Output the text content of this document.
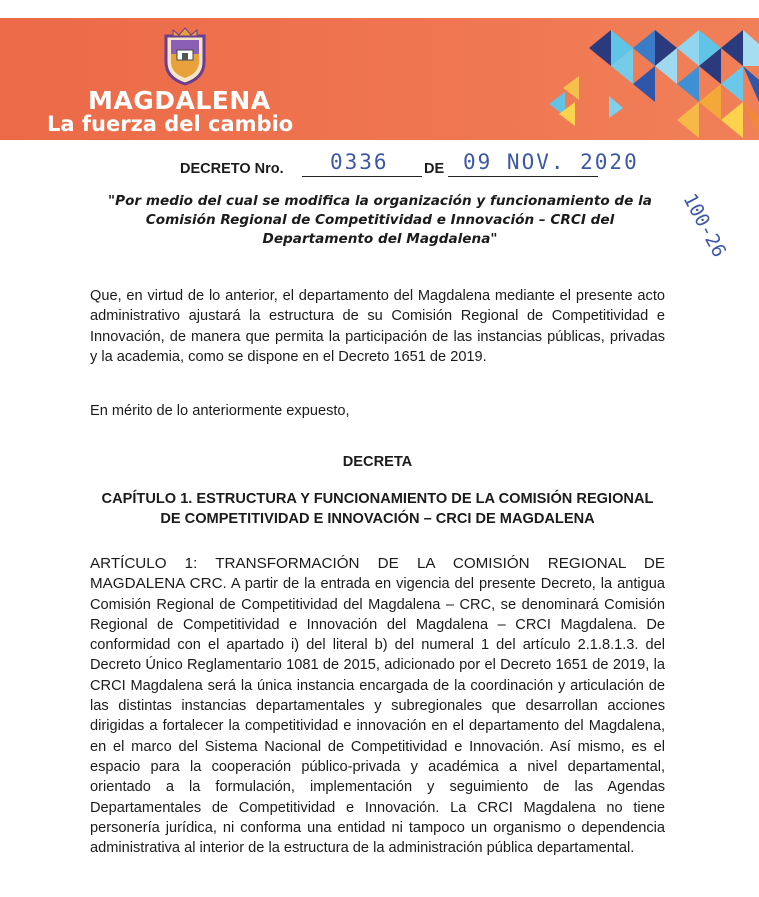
MAGDALENA
La fuerza del cambio
DECRETO Nro. 0336 DE 09 NOV. 2020
"Por medio del cual se modifica la organización y funcionamiento de la Comisión Regional de Competitividad e Innovación – CRCI del Departamento del Magdalena"	100-26

Que, en virtud de lo anterior, el departamento del Magdalena mediante el presente acto administrativo ajustará la estructura de su Comisión Regional de Competitividad e Innovación, de manera que permita la participación de las instancias públicas, privadas y la academia, como se dispone en el Decreto 1651 de 2019.

En mérito de lo anteriormente expuesto,

DECRETA

CAPÍTULO 1. ESTRUCTURA Y FUNCIONAMIENTO DE LA COMISIÓN REGIONAL DE COMPETITIVIDAD E INNOVACIÓN – CRCI DE MAGDALENA

ARTÍCULO 1: TRANSFORMACIÓN DE LA COMISIÓN REGIONAL DE MAGDALENA CRC. A partir de la entrada en vigencia del presente Decreto, la antigua Comisión Regional de Competitividad del Magdalena – CRC, se denominará Comisión Regional de Competitividad e Innovación del Magdalena – CRCI Magdalena. De conformidad con el apartado i) del literal b) del numeral 1 del artículo 2.1.8.1.3. del Decreto Único Reglamentario 1081 de 2015, adicionado por el Decreto 1651 de 2019, la CRCI Magdalena será la única instancia encargada de la coordinación y articulación de las distintas instancias departamentales y subregionales que desarrollan acciones dirigidas a fortalecer la competitividad e innovación en el departamento del Magdalena, en el marco del Sistema Nacional de Competitividad e Innovación. Así mismo, es el espacio para la cooperación público-privada y académica a nivel departamental, orientado a la formulación, implementación y seguimiento de las Agendas Departamentales de Competitividad e Innovación. La CRCI Magdalena no tiene personería jurídica, ni conforma una entidad ni tampoco un organismo o dependencia administrativa al interior de la estructura de la administración pública departamental.
